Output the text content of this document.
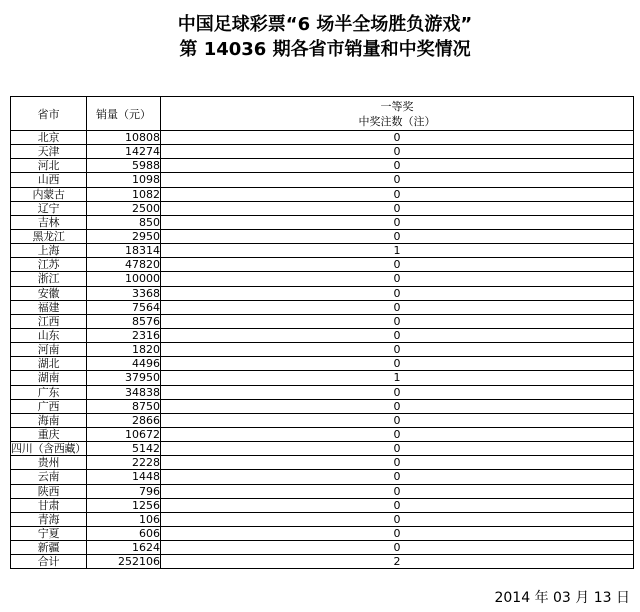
中国足球彩票“6 场半全场胜负游戏”
第 14036 期各省市销量和中奖情况
省市	销量（元）	一等奖
中奖注数（注）

北京	10808	0
天津	14274	0
河北	5988	0
山西	1098	0
内蒙古	1082	0
辽宁	2500	0
吉林	850	0
黑龙江	2950	0
上海	18314	1
江苏	47820	0
浙江	10000	0
安徽	3368	0
福建	7564	0
江西	8576	0
山东	2316	0
河南	1820	0
湖北	4496	0
湖南	37950	1
广东	34838	0
广西	8750	0
海南	2866	0
重庆	10672	0
四川（含西藏）	5142	0
贵州	2228	0
云南	1448	0
陕西	796	0
甘肃	1256	0
青海	106	0
宁夏	606	0
新疆	1624	0
合计	252106	2
2014 年 03 月 13 日
